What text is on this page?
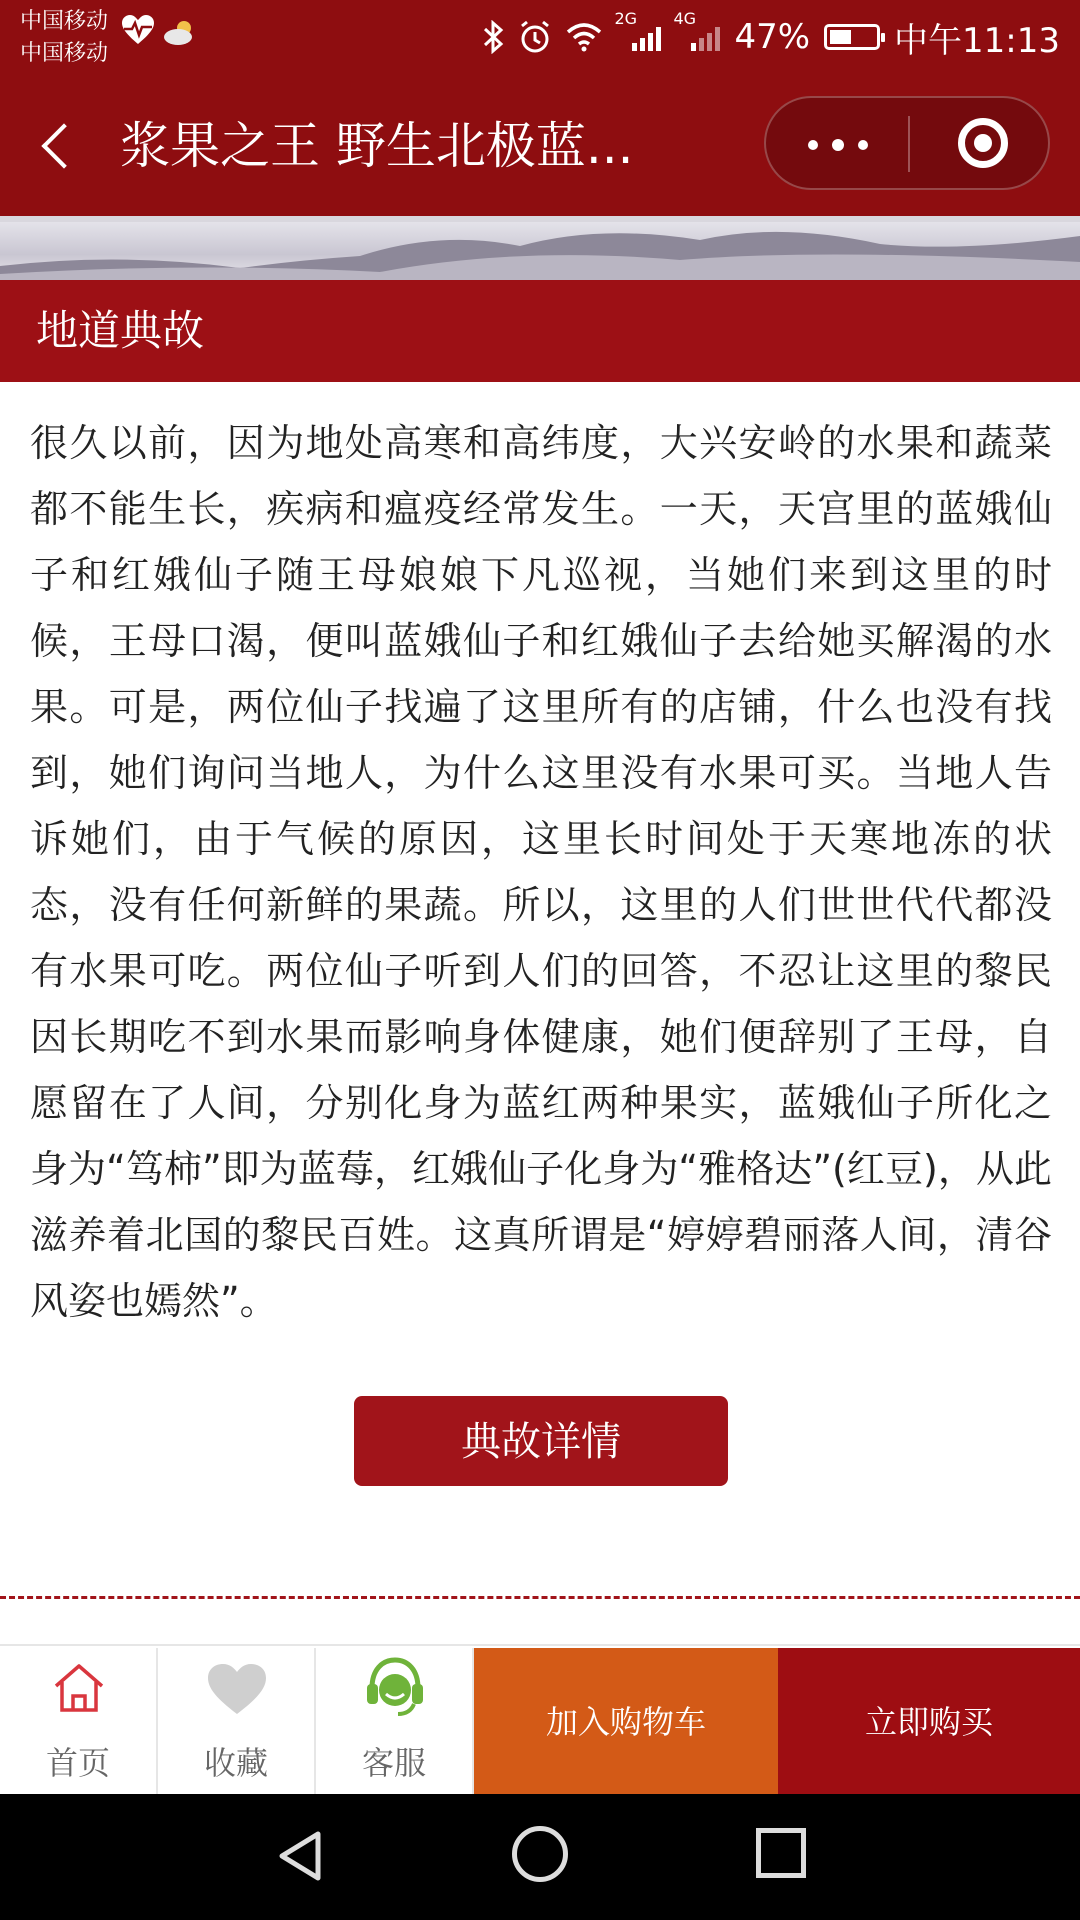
中国移动
中国移动
2G 4G 47% 中午11:13
浆果之王 野生北极蓝...
地道典故
很久以前，因为地处高寒和高纬度，大兴安岭的水果和蔬菜都不能生长，疾病和瘟疫经常发生。一天，天宫里的蓝娥仙子和红娥仙子随王母娘娘下凡巡视，当她们来到这里的时候，王母口渴，便叫蓝娥仙子和红娥仙子去给她买解渴的水果。可是，两位仙子找遍了这里所有的店铺，什么也没有找到，她们询问当地人，为什么这里没有水果可买。当地人告诉她们，由于气候的原因，这里长时间处于天寒地冻的状态，没有任何新鲜的果蔬。所以，这里的人们世世代代都没有水果可吃。两位仙子听到人们的回答，不忍让这里的黎民因长期吃不到水果而影响身体健康，她们便辞别了王母，自愿留在了人间，分别化身为蓝红两种果实，蓝娥仙子所化之身为“笃柿”即为蓝莓，红娥仙子化身为“雅格达”(红豆)，从此滋养着北国的黎民百姓。这真所谓是“婷婷碧丽落人间，清谷风姿也嫣然”。
典故详情
首页	收藏	客服
加入购物车	立即购买
